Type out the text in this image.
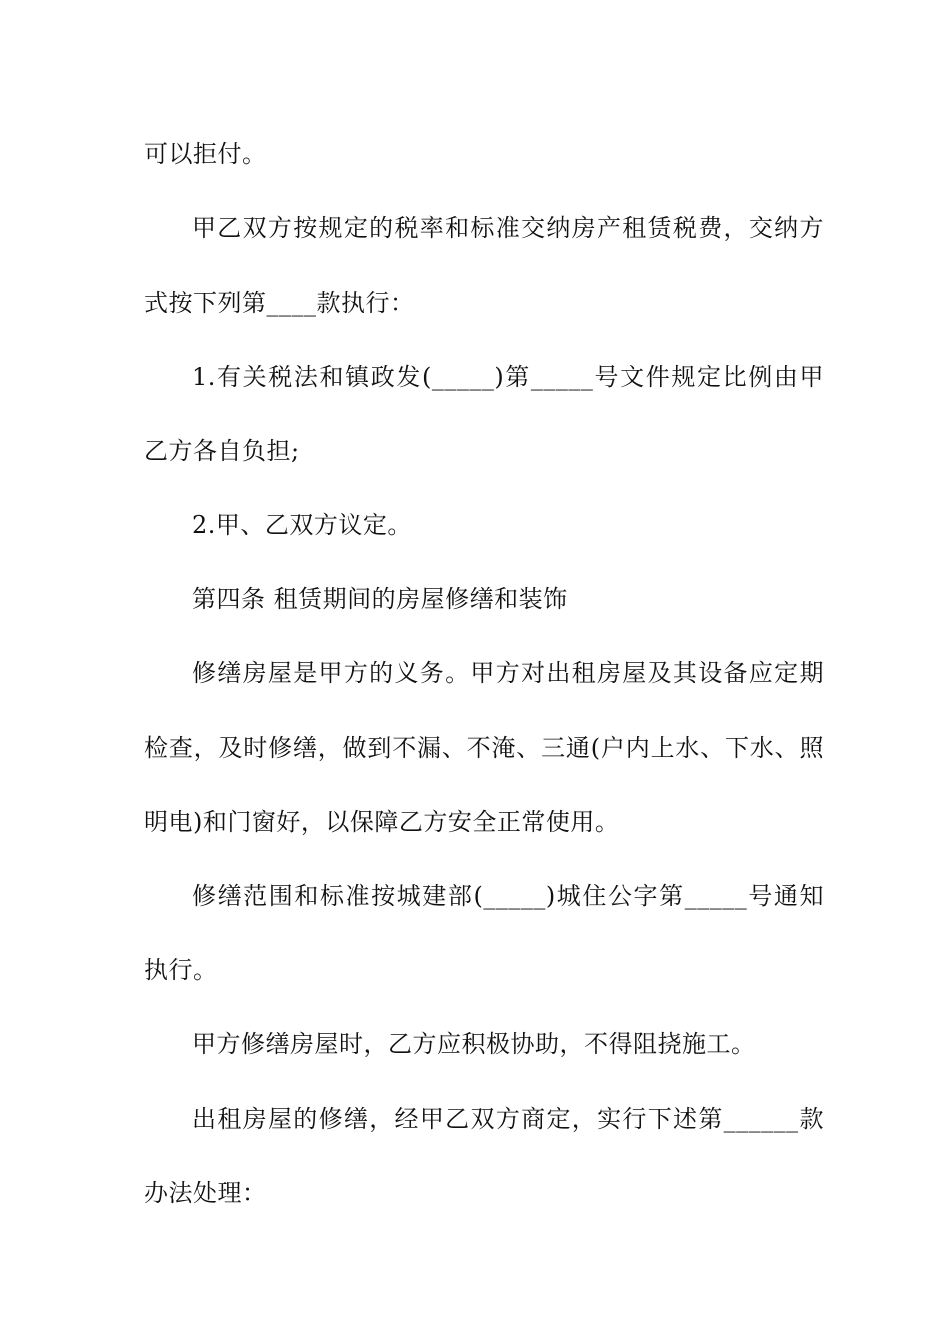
可以拒付。
甲乙双方按规定的税率和标准交纳房产租赁税费，交纳方
式按下列第____款执行：
1.有关税法和镇政发(_____)第_____号文件规定比例由甲
乙方各自负担;
2.甲、乙双方议定。
第四条 租赁期间的房屋修缮和装饰
修缮房屋是甲方的义务。甲方对出租房屋及其设备应定期
检查，及时修缮，做到不漏、不淹、三通(户内上水、下水、照
明电)和门窗好，以保障乙方安全正常使用。
修缮范围和标准按城建部(_____)城住公字第_____号通知
执行。
甲方修缮房屋时，乙方应积极协助，不得阻挠施工。
出租房屋的修缮，经甲乙双方商定，实行下述第______款
办法处理：
